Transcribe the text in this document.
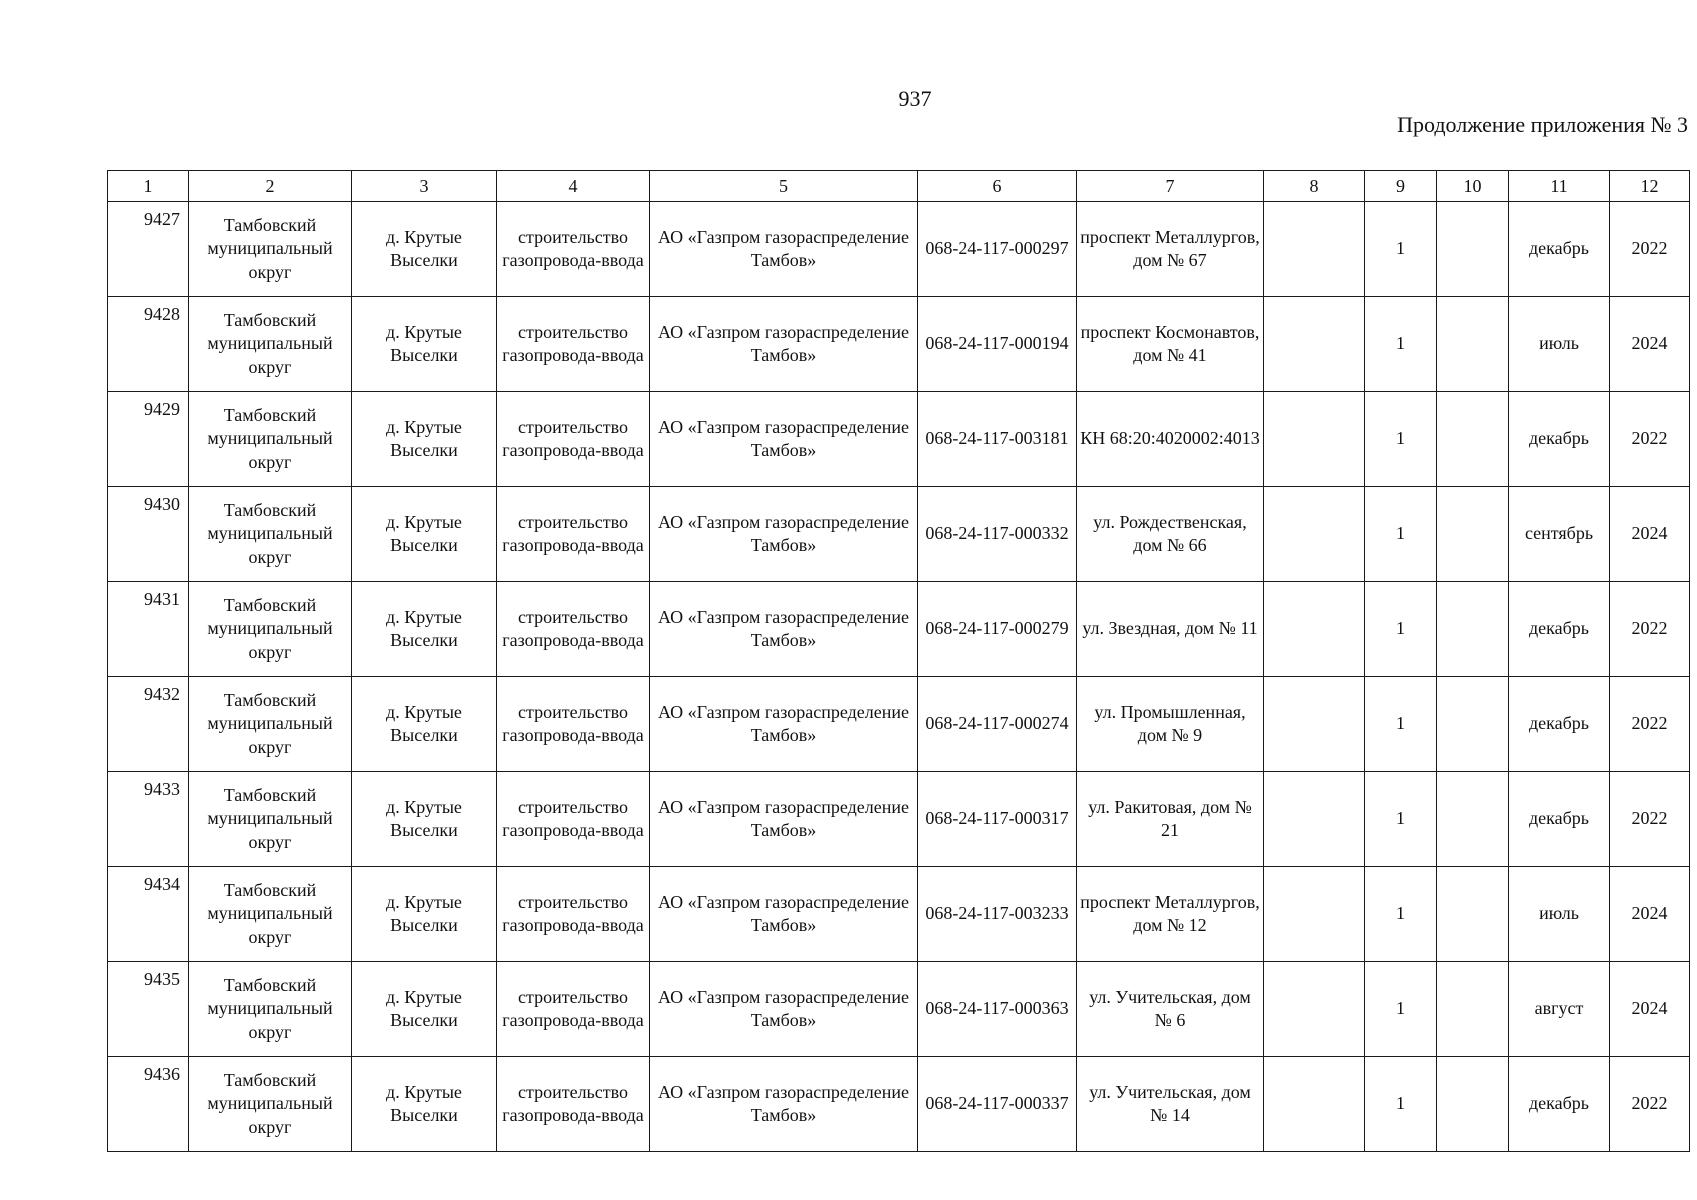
937
Продолжение приложения № 3
1	2	3	4	5	6	7	8	9	10	11	12
9427	Тамбовский муниципальный округ	д. Крутые Выселки	строительство газопровода-ввода	АО «Газпром газораспределение Тамбов»	068-24-117-000297	проспект Металлургов, дом № 67		1		декабрь	2022
9428	Тамбовский муниципальный округ	д. Крутые Выселки	строительство газопровода-ввода	АО «Газпром газораспределение Тамбов»	068-24-117-000194	проспект Космонавтов, дом № 41		1		июль	2024
9429	Тамбовский муниципальный округ	д. Крутые Выселки	строительство газопровода-ввода	АО «Газпром газораспределение Тамбов»	068-24-117-003181	КН 68:20:4020002:4013		1		декабрь	2022
9430	Тамбовский муниципальный округ	д. Крутые Выселки	строительство газопровода-ввода	АО «Газпром газораспределение Тамбов»	068-24-117-000332	ул. Рождественская, дом № 66		1		сентябрь	2024
9431	Тамбовский муниципальный округ	д. Крутые Выселки	строительство газопровода-ввода	АО «Газпром газораспределение Тамбов»	068-24-117-000279	ул. Звездная, дом № 11		1		декабрь	2022
9432	Тамбовский муниципальный округ	д. Крутые Выселки	строительство газопровода-ввода	АО «Газпром газораспределение Тамбов»	068-24-117-000274	ул. Промышленная, дом № 9		1		декабрь	2022
9433	Тамбовский муниципальный округ	д. Крутые Выселки	строительство газопровода-ввода	АО «Газпром газораспределение Тамбов»	068-24-117-000317	ул. Ракитовая, дом № 21		1		декабрь	2022
9434	Тамбовский муниципальный округ	д. Крутые Выселки	строительство газопровода-ввода	АО «Газпром газораспределение Тамбов»	068-24-117-003233	проспект Металлургов, дом № 12		1		июль	2024
9435	Тамбовский муниципальный округ	д. Крутые Выселки	строительство газопровода-ввода	АО «Газпром газораспределение Тамбов»	068-24-117-000363	ул. Учительская, дом № 6		1		август	2024
9436	Тамбовский муниципальный округ	д. Крутые Выселки	строительство газопровода-ввода	АО «Газпром газораспределение Тамбов»	068-24-117-000337	ул. Учительская, дом № 14		1		декабрь	2022
